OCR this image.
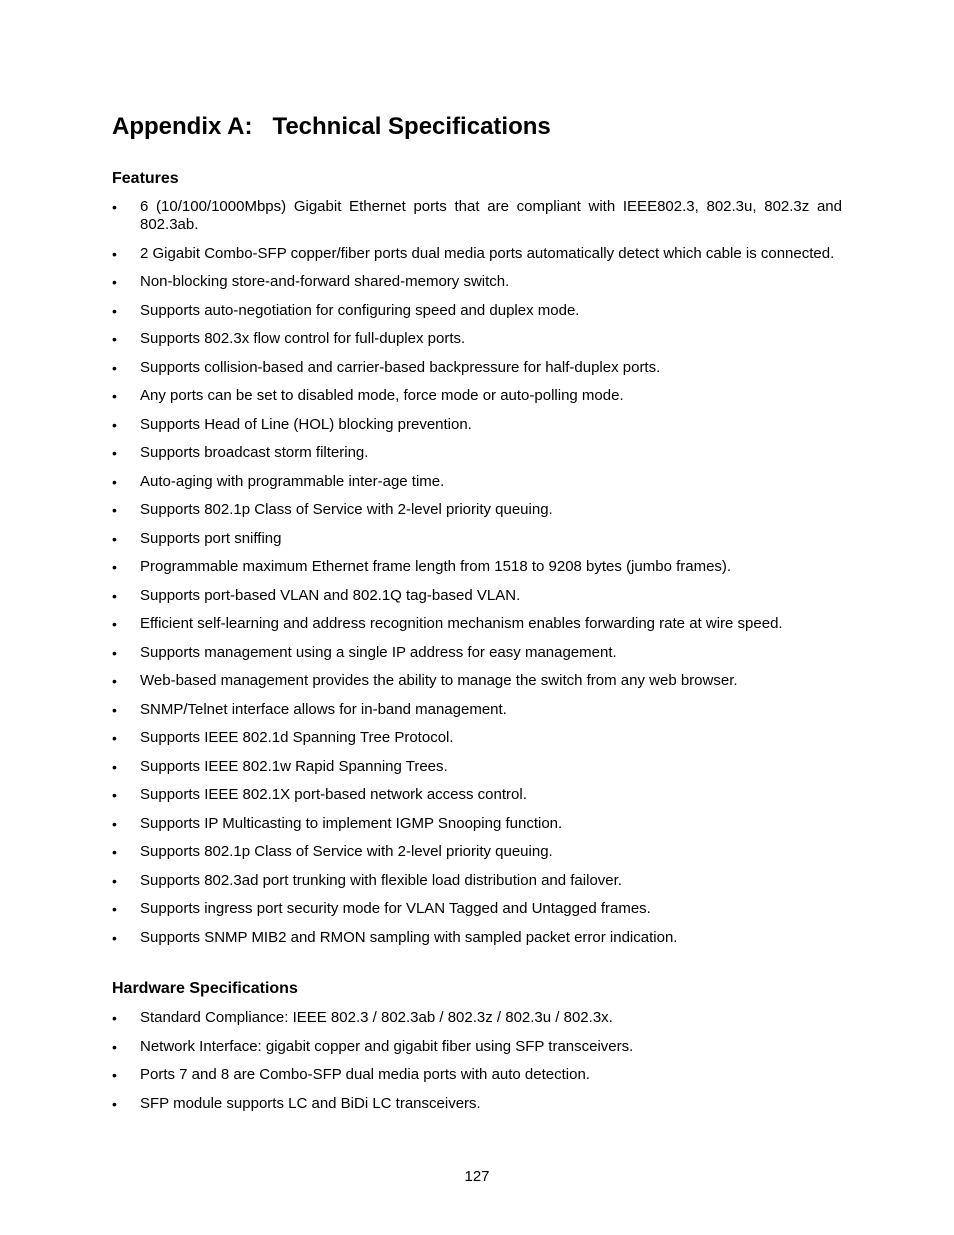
Appendix A:   Technical Specifications
Features
• 6 (10/100/1000Mbps) Gigabit Ethernet ports that are compliant with IEEE802.3, 802.3u, 802.3z and 802.3ab.
• 2 Gigabit Combo-SFP copper/fiber ports dual media ports automatically detect which cable is connected.
• Non-blocking store-and-forward shared-memory switch.
• Supports auto-negotiation for configuring speed and duplex mode.
• Supports 802.3x flow control for full-duplex ports.
• Supports collision-based and carrier-based backpressure for half-duplex ports.
• Any ports can be set to disabled mode, force mode or auto-polling mode.
• Supports Head of Line (HOL) blocking prevention.
• Supports broadcast storm filtering.
• Auto-aging with programmable inter-age time.
• Supports 802.1p Class of Service with 2-level priority queuing.
• Supports port sniffing
• Programmable maximum Ethernet frame length from 1518 to 9208 bytes (jumbo frames).
• Supports port-based VLAN and 802.1Q tag-based VLAN.
• Efficient self-learning and address recognition mechanism enables forwarding rate at wire speed.
• Supports management using a single IP address for easy management.
• Web-based management provides the ability to manage the switch from any web browser.
• SNMP/Telnet interface allows for in-band management.
• Supports IEEE 802.1d Spanning Tree Protocol.
• Supports IEEE 802.1w Rapid Spanning Trees.
• Supports IEEE 802.1X port-based network access control.
• Supports IP Multicasting to implement IGMP Snooping function.
• Supports 802.1p Class of Service with 2-level priority queuing.
• Supports 802.3ad port trunking with flexible load distribution and failover.
• Supports ingress port security mode for VLAN Tagged and Untagged frames.
• Supports SNMP MIB2 and RMON sampling with sampled packet error indication.
Hardware Specifications
• Standard Compliance: IEEE 802.3 / 802.3ab / 802.3z / 802.3u / 802.3x.
• Network Interface: gigabit copper and gigabit fiber using SFP transceivers.
• Ports 7 and 8 are Combo-SFP dual media ports with auto detection.
• SFP module supports LC and BiDi LC transceivers.
127
